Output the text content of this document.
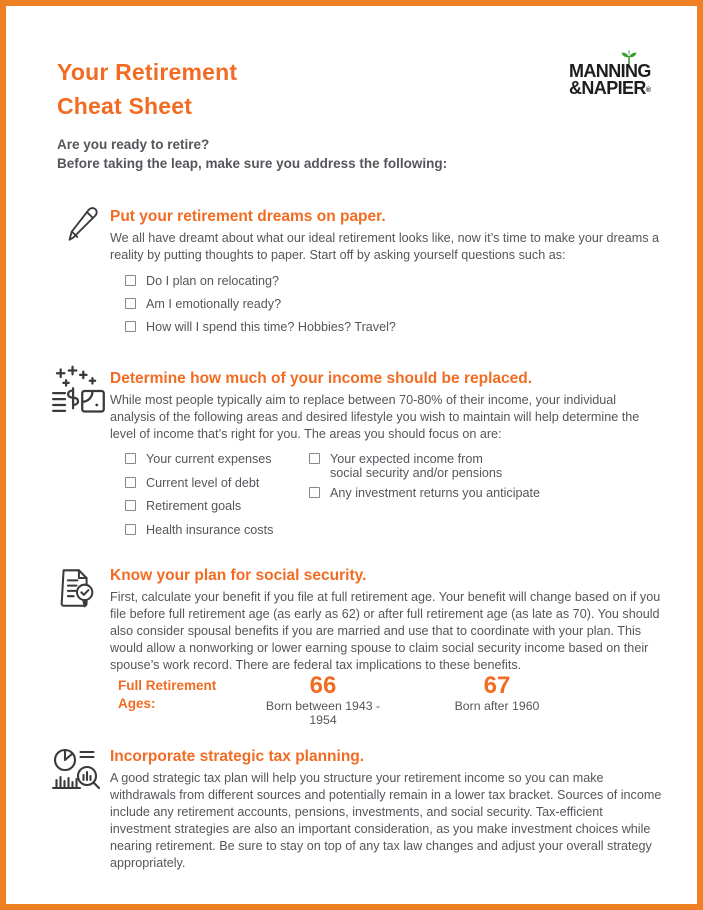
Your Retirement
Cheat Sheet
MANNING
&NAPIER®
Are you ready to retire?
Before taking the leap, make sure you address the following:
Put your retirement dreams on paper.

We all have dreamt about what our ideal retirement looks like, now it’s time to make your dreams a reality by putting thoughts to paper. Start off by asking yourself questions such as:

Do I plan on relocating?
Am I emotionally ready?
How will I spend this time? Hobbies? Travel?
Determine how much of your income should be replaced.

While most people typically aim to replace between 70-80% of their income, your individual analysis of the following areas and desired lifestyle you wish to maintain will help determine the level of income that’s right for you. The areas you should focus on are:

Your current expenses
Current level of debt
Retirement goals
Health insurance costs
Your expected income from
social security and/or pensions
Any investment returns you anticipate
Know your plan for social security.

First, calculate your benefit if you file at full retirement age. Your benefit will change based on if you file before full retirement age (as early as 62) or after full retirement age (as late as 70). You should also consider spousal benefits if you are married and use that to coordinate with your plan. This would allow a nonworking or lower earning spouse to claim social security income based on their spouse’s work record. There are federal tax implications to these benefits.

Full Retirement
Ages:
66
Born between 1943 - 1954
67
Born after 1960
Incorporate strategic tax planning.

A good strategic tax plan will help you structure your retirement income so you can make withdrawals from different sources and potentially remain in a lower tax bracket. Sources of income include any retirement accounts, pensions, investments, and social security. Tax-efficient investment strategies are also an important consideration, as you make investment choices while nearing retirement. Be sure to stay on top of any tax law changes and adjust your overall strategy appropriately.
